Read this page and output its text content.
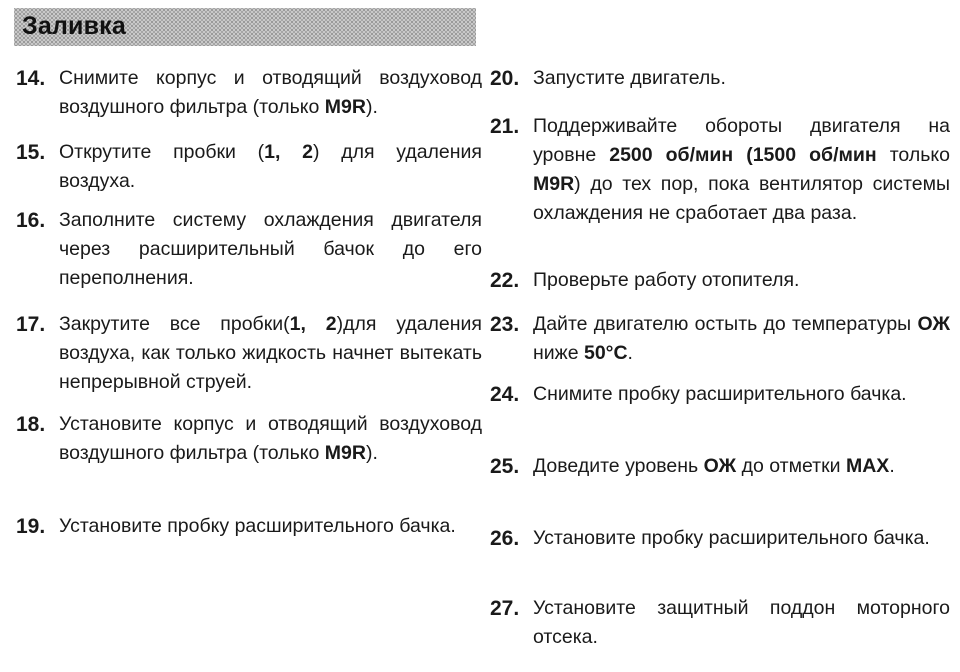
Заливка
14. Снимите корпус и отводящий воздуховод воздушного фильтра (только M9R).
15. Открутите пробки (1, 2) для удаления воздуха.
16. Заполните систему охлаждения двигателя через расширительный бачок до его переполнения.
17. Закрутите все пробки(1, 2)для удаления воздуха, как только жидкость начнет вытекать непрерывной струей.
18. Установите корпус и отводящий воздуховод воздушного фильтра (только M9R).
19. Установите пробку расширительного бачка.
20. Запустите двигатель.
21. Поддерживайте обороты двигателя на уровне 2500 об/мин (1500 об/мин только M9R) до тех пор, пока вентилятор системы охлаждения не сработает два раза.
22. Проверьте работу отопителя.
23. Дайте двигателю остыть до температуры ОЖ ниже 50°С.
24. Снимите пробку расширительного бачка.
25. Доведите уровень ОЖ до отметки MAX.
26. Установите пробку расширительного бачка.
27. Установите защитный поддон моторного отсека.
